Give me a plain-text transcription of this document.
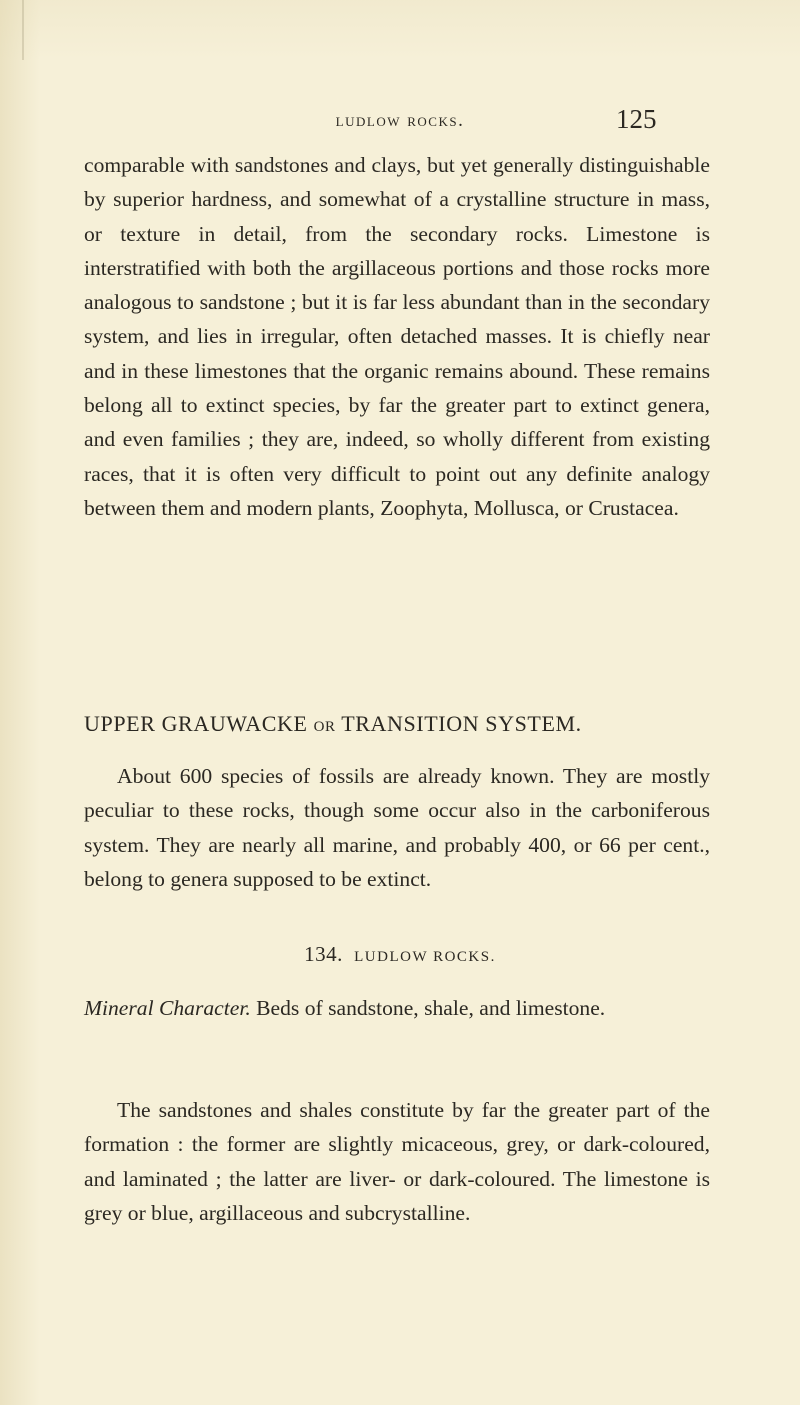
ludlow rocks.	125

comparable with sandstones and clays, but yet generally distinguishable by superior hardness, and somewhat of a crystalline structure in mass, or texture in detail, from the secondary rocks. Limestone is interstratified with both the argillaceous portions and those rocks more analogous to sandstone ; but it is far less abundant than in the secondary system, and lies in irregular, often detached masses. It is chiefly near and in these limestones that the organic remains abound. These remains belong all to extinct species, by far the greater part to extinct genera, and even families ; they are, indeed, so wholly different from existing races, that it is often very difficult to point out any definite analogy between them and modern plants, Zoophyta, Mollusca, or Crustacea.

UPPER GRAUWACKE OR TRANSITION SYSTEM.

About 600 species of fossils are already known. They are mostly peculiar to these rocks, though some occur also in the carboniferous system. They are nearly all marine, and probably 400, or 66 per cent., belong to genera supposed to be extinct.

134. LUDLOW ROCKS.

Mineral Character. Beds of sandstone, shale, and limestone.

The sandstones and shales constitute by far the greater part of the formation : the former are slightly micaceous, grey, or dark-coloured, and laminated ; the latter are liver- or dark-coloured. The limestone is grey or blue, argillaceous and subcrystalline.
